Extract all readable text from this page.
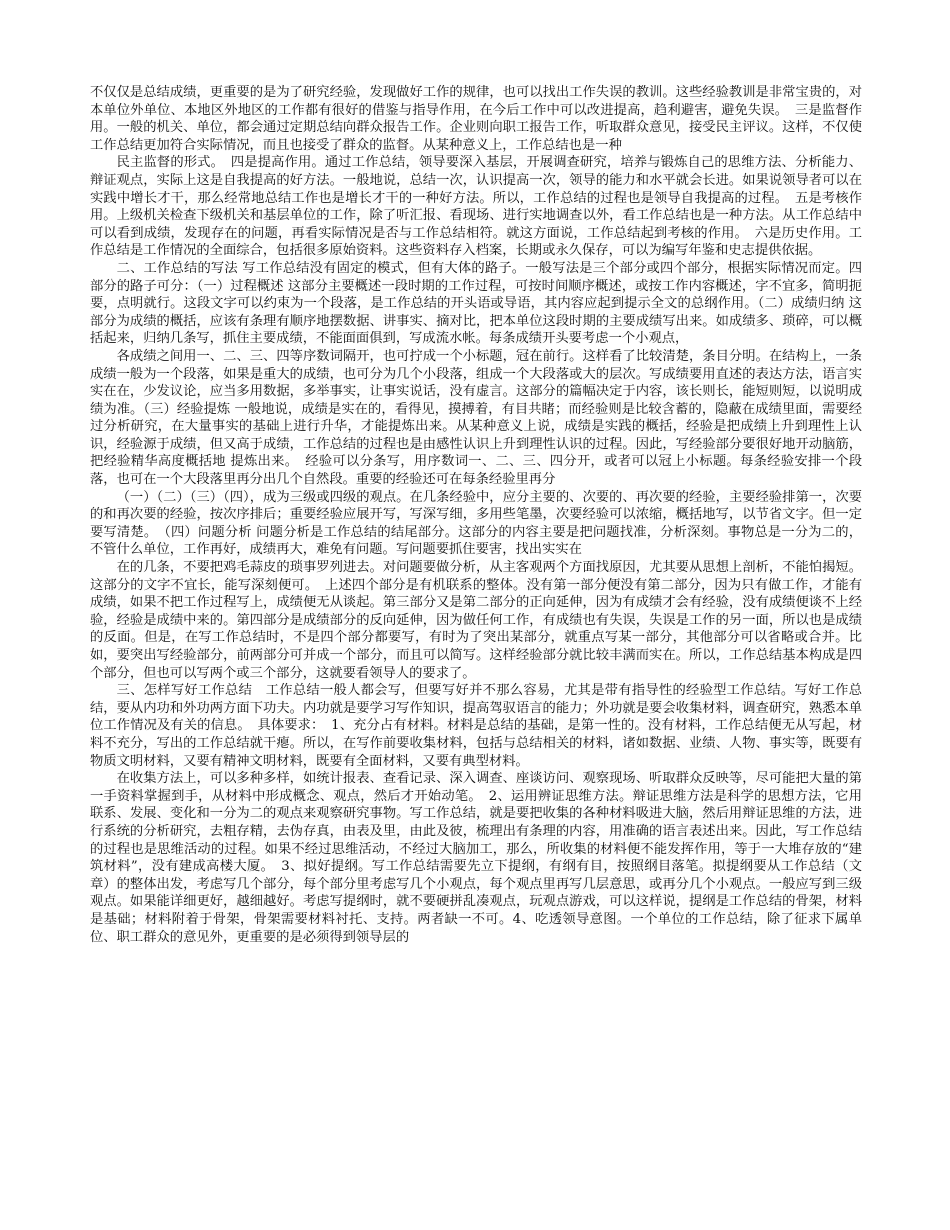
不仅仅是总结成绩，更重要的是为了研究经验，发现做好工作的规律，也可以找出工作失误的教训。这些经验教训是非常宝贵的，对本单位外单位、本地区外地区的工作都有很好的借鉴与指导作用，在今后工作中可以改进提高，趋利避害，避免失误。　三是监督作用。一般的机关、单位，都会通过定期总结向群众报告工作。企业则向职工报告工作，听取群众意见，接受民主评议。这样，不仅使工作总结更加符合实际情况，而且也接受了群众的监督。从某种意义上，工作总结也是一种

民主监督的形式。　四是提高作用。通过工作总结，领导要深入基层，开展调查研究，培养与锻炼自己的思维方法、分析能力、辩证观点，实际上这是自我提高的好方法。一般地说，总结一次，认识提高一次，领导的能力和水平就会长进。如果说领导者可以在实践中增长才干，那么经常地总结工作也是增长才干的一种好方法。所以，工作总结的过程也是领导自我提高的过程。　五是考核作用。上级机关检查下级机关和基层单位的工作，除了听汇报、看现场、进行实地调查以外，看工作总结也是一种方法。从工作总结中可以看到成绩，发现存在的问题，再看实际情况是否与工作总结相符。就这方面说，工作总结起到考核的作用。　六是历史作用。工作总结是工作情况的全面综合，包括很多原始资料。这些资料存入档案，长期或永久保存，可以为编写年鉴和史志提供依据。

二、工作总结的写法 写工作总结没有固定的模式，但有大体的路子。一般写法是三个部分或四个部分，根据实际情况而定。四部分的路子可分：（一）过程概述 这部分主要概述一段时期的工作过程，可按时间顺序概述，或按工作内容概述，字不宜多，简明扼要，点明就行。这段文字可以约束为一个段落，是工作总结的开头语或导语，其内容应起到提示全文的总纲作用。（二）成绩归纳 这部分为成绩的概括，应该有条理有顺序地摆数据、讲事实、摘对比，把本单位这段时期的主要成绩写出来。如成绩多、琐碎，可以概括起来，归纳几条写，抓住主要成绩，不能面面俱到，写成流水帐。每条成绩开头要考虑一个小观点，

各成绩之间用一、二、三、四等序数词隔开，也可拧成一个小标题，冠在前行。这样看了比较清楚，条目分明。在结构上，一条成绩一般为一个段落，如果是重大的成绩，也可分为几个小段落，组成一个大段落或大的层次。写成绩要用直述的表达方法，语言实实在在，少发议论，应当多用数据，多举事实，让事实说话，没有虚言。这部分的篇幅决定于内容，该长则长，能短则短，以说明成绩为准。（三）经验提炼 一般地说，成绩是实在的，看得见，摸搏着，有目共睹；而经验则是比较含蓄的，隐蔽在成绩里面，需要经过分析研究，在大量事实的基础上进行升华，才能提炼出来。从某种意义上说，成绩是实践的概括，经验是把成绩上升到理性上认识，经验源于成绩，但又高于成绩，工作总结的过程也是由感性认识上升到理性认识的过程。因此，写经验部分要很好地开动脑筋，把经验精华高度概括地 提炼出来。　经验可以分条写，用序数词一、二、三、四分开，或者可以冠上小标题。每条经验安排一个段落，也可在一个大段落里再分出几个自然段。重要的经验还可在每条经验里再分

（一）（二）（三）（四），成为三级或四级的观点。在几条经验中，应分主要的、次要的、再次要的经验，主要经验排第一，次要的和再次要的经验，按次序排后；重要经验应展开写，写深写细，多用些笔墨，次要经验可以浓缩，概括地写，以节省文字。但一定要写清楚。　（四）问题分析 问题分析是工作总结的结尾部分。这部分的内容主要是把问题找准，分析深刻。事物总是一分为二的，不管什么单位，工作再好，成绩再大，难免有问题。写问题要抓住要害，找出实实在

在的几条，不要把鸡毛蒜皮的琐事罗列进去。对问题要做分析，从主客观两个方面找原因，尤其要从思想上剖析，不能怕揭短。这部分的文字不宜长，能写深刻便可。　上述四个部分是有机联系的整体。没有第一部分便没有第二部分，因为只有做工作，才能有成绩，如果不把工作过程写上，成绩便无从谈起。第三部分又是第二部分的正向延伸，因为有成绩才会有经验，没有成绩便谈不上经验，经验是成绩中来的。第四部分是成绩部分的反向延伸，因为做任何工作，有成绩也有失误，失误是工作的另一面，所以也是成绩的反面。但是，在写工作总结时，不是四个部分都要写，有时为了突出某部分，就重点写某一部分，其他部分可以省略或合并。比如，要突出写经验部分，前两部分可并成一个部分，而且可以简写。这样经验部分就比较丰满而实在。所以，工作总结基本构成是四个部分，但也可以写两个或三个部分，这就要看领导人的要求了。

三、怎样写好工作总结　工作总结一般人都会写，但要写好并不那么容易，尤其是带有指导性的经验型工作总结。写好工作总结，要从内功和外功两方面下功夫。内功就是要学习写作知识，提高驾驭语言的能力；外功就是要会收集材料，调查研究，熟悉本单位工作情况及有关的信息。　具体要求：　1、充分占有材料。材料是总结的基础，是第一性的。没有材料，工作总结便无从写起，材料不充分，写出的工作总结就干瘪。所以，在写作前要收集材料，包括与总结相关的材料，诸如数据、业绩、人物、事实等，既要有物质文明材料，又要有精神文明材料，既要有全面材料，又要有典型材料。

在收集方法上，可以多种多样，如统计报表、查看记录、深入调查、座谈访问、观察现场、听取群众反映等，尽可能把大量的第一手资料掌握到手，从材料中形成概念、观点，然后才开始动笔。　2、运用辨证思维方法。辩证思维方法是科学的思想方法，它用联系、发展、变化和一分为二的观点来观察研究事物。写工作总结，就是要把收集的各种材料吸进大脑，然后用辩证思维的方法，进行系统的分析研究，去粗存精，去伪存真，由表及里，由此及彼，梳理出有条理的内容，用准确的语言表述出来。因此，写工作总结的过程也是思维活动的过程。如果不经过思维活动，不经过大脑加工，那么，所收集的材料便不能发挥作用，等于一大堆存放的“建筑材料”，没有建成高楼大厦。　3、拟好提纲。写工作总结需要先立下提纲，有纲有目，按照纲目落笔。拟提纲要从工作总结（文章）的整体出发，考虑写几个部分，每个部分里考虑写几个小观点，每个观点里再写几层意思，或再分几个小观点。一般应写到三级观点。如果能详细更好，越细越好。考虑写提纲时，就不要硬拼乱凑观点，玩观点游戏，可以这样说，提纲是工作总结的骨架，材料是基础；材料附着于骨架，骨架需要材料衬托、支持。两者缺一不可。4、吃透领导意图。一个单位的工作总结，除了征求下属单位、职工群众的意见外，更重要的是必须得到领导层的
